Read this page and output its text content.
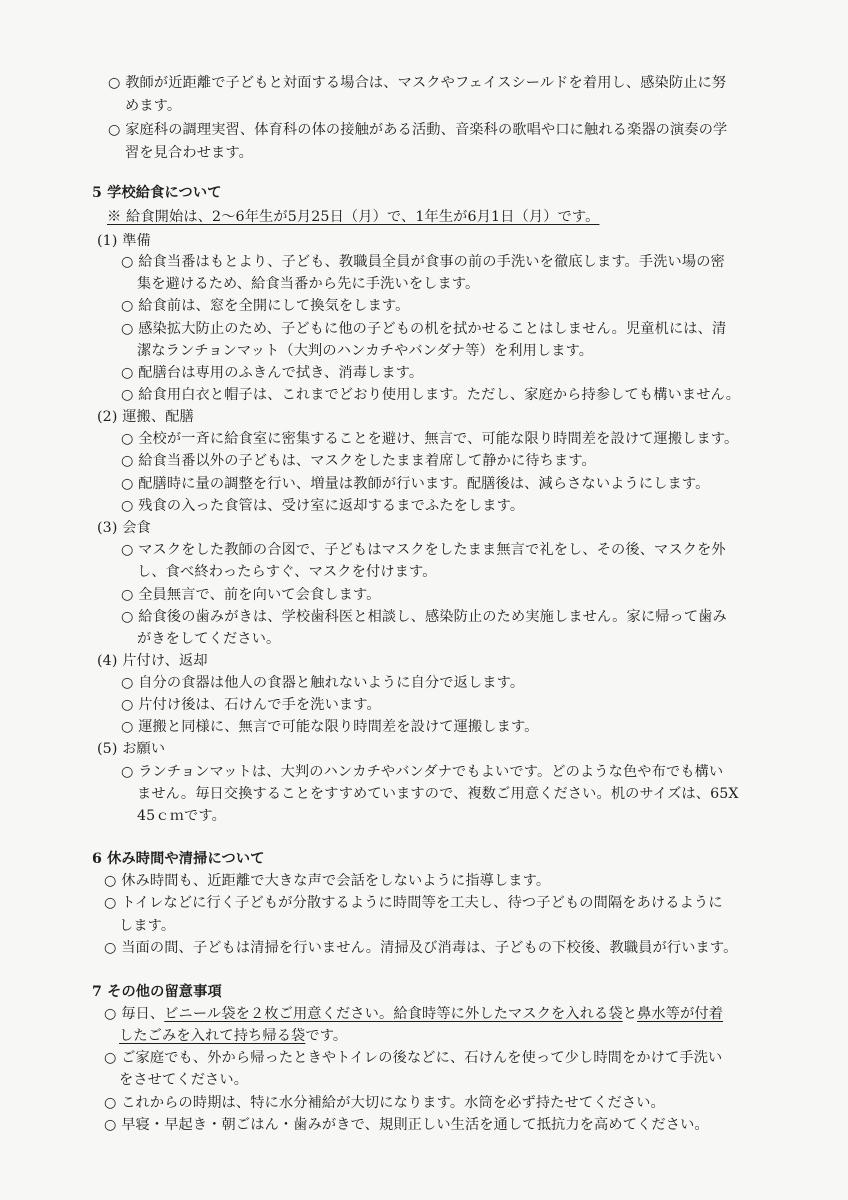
○ 教師が近距離で子どもと対面する場合は、マスクやフェイスシールドを着用し、感染防止に努
めます。
○ 家庭科の調理実習、体育科の体の接触がある活動、音楽科の歌唱や口に触れる楽器の演奏の学
習を見合わせます。
5 学校給食について
※ 給食開始は、2～6年生が5月25日（月）で、1年生が6月1日（月）です。
(1) 準備
○ 給食当番はもとより、子ども、教職員全員が食事の前の手洗いを徹底します。手洗い場の密
集を避けるため、給食当番から先に手洗いをします。
○ 給食前は、窓を全開にして換気をします。
○ 感染拡大防止のため、子どもに他の子どもの机を拭かせることはしません。児童机には、清
潔なランチョンマット（大判のハンカチやバンダナ等）を利用します。
○ 配膳台は専用のふきんで拭き、消毒します。
○ 給食用白衣と帽子は、これまでどおり使用します。ただし、家庭から持参しても構いません。
(2) 運搬、配膳
○ 全校が一斉に給食室に密集することを避け、無言で、可能な限り時間差を設けて運搬します。
○ 給食当番以外の子どもは、マスクをしたまま着席して静かに待ちます。
○ 配膳時に量の調整を行い、増量は教師が行います。配膳後は、減らさないようにします。
○ 残食の入った食管は、受け室に返却するまでふたをします。
(3) 会食
○ マスクをした教師の合図で、子どもはマスクをしたまま無言で礼をし、その後、マスクを外
し、食べ終わったらすぐ、マスクを付けます。
○ 全員無言で、前を向いて会食します。
○ 給食後の歯みがきは、学校歯科医と相談し、感染防止のため実施しません。家に帰って歯み
がきをしてください。
(4) 片付け、返却
○ 自分の食器は他人の食器と触れないように自分で返します。
○ 片付け後は、石けんで手を洗います。
○ 運搬と同様に、無言で可能な限り時間差を設けて運搬します。
(5) お願い
○ ランチョンマットは、大判のハンカチやバンダナでもよいです。どのような色や布でも構い
ません。毎日交換することをすすめていますので、複数ご用意ください。机のサイズは、65X
45ｃｍです。
6 休み時間や清掃について
○ 休み時間も、近距離で大きな声で会話をしないように指導します。
○ トイレなどに行く子どもが分散するように時間等を工夫し、待つ子どもの間隔をあけるように
します。
○ 当面の間、子どもは清掃を行いません。清掃及び消毒は、子どもの下校後、教職員が行います。
7 その他の留意事項
○ 毎日、ビニール袋を２枚ご用意ください。給食時等に外したマスクを入れる袋と鼻水等が付着
したごみを入れて持ち帰る袋です。
○ ご家庭でも、外から帰ったときやトイレの後などに、石けんを使って少し時間をかけて手洗い
をさせてください。
○ これからの時期は、特に水分補給が大切になります。水筒を必ず持たせてください。
○ 早寝・早起き・朝ごはん・歯みがきで、規則正しい生活を通して抵抗力を高めてください。
